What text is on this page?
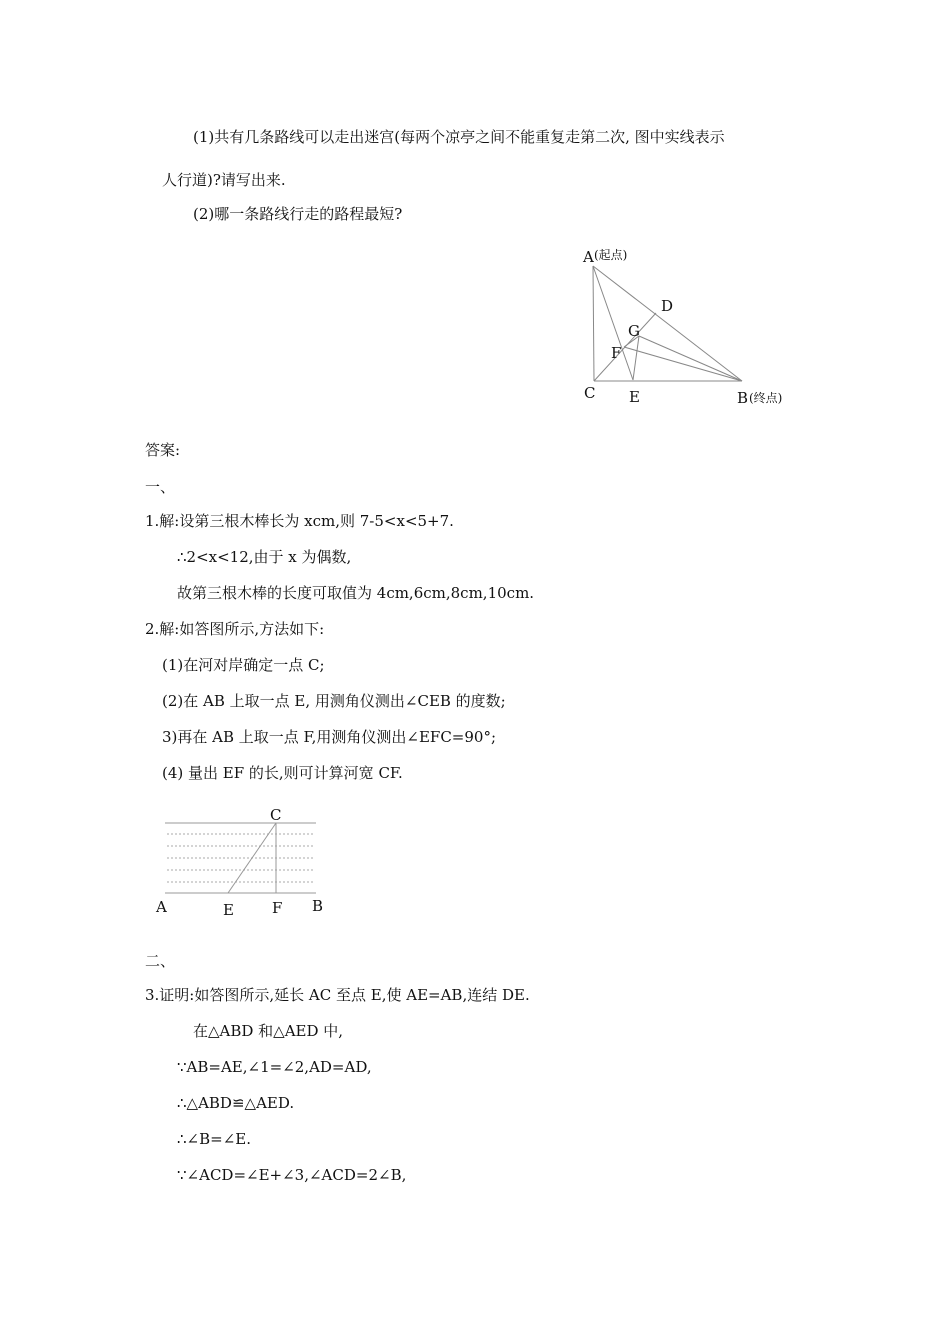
(1)共有几条路线可以走出迷宫(每两个凉亭之间不能重复走第二次, 图中实线表示
人行道)?请写出来.
(2)哪一条路线行走的路程最短?
A (起点)
D
G
F
C E	B (终点)
答案:
一、
1.解:设第三根木棒长为 xcm,则 7-5<x<5+7.
∴2<x<12,由于 x 为偶数,
故第三根木棒的长度可取值为 4cm,6cm,8cm,10cm.
2.解:如答图所示,方法如下:
(1)在河对岸确定一点 C;
(2)在 AB 上取一点 E, 用测角仪测出∠CEB 的度数;
3)再在 AB 上取一点 F,用测角仪测出∠EFC=90°;
(4) 量出 EF 的长,则可计算河宽 CF.
C
A	E	F B
二、
3.证明:如答图所示,延长 AC 至点 E,使 AE=AB,连结 DE.
在△ABD 和△AED 中,
∵AB=AE,∠1=∠2,AD=AD,
∴△ABD≌△AED.
∴∠B=∠E.
∵∠ACD=∠E+∠3,∠ACD=2∠B,
